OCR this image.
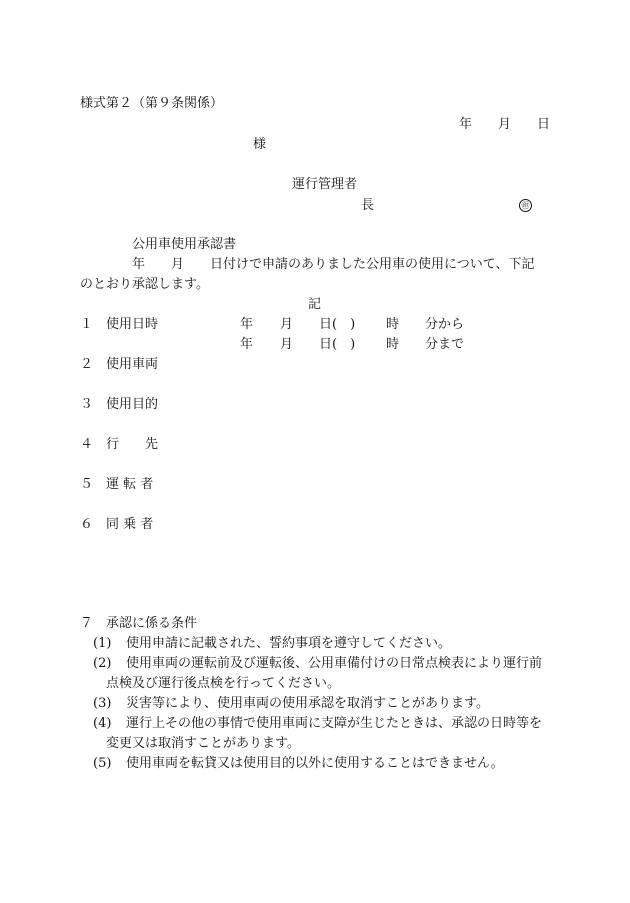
様式第２（第９条関係）
年　　月　　日
様
運行管理者
長	㊞
公用車使用承認書
年　　月　　日付けで申請のありました公用車の使用について、下記
のとおり承認します。
記
１ 使用日時	年 月 日(　) 時 分から
年 月 日(　) 時 分まで
２ 使用車両
３ 使用目的
４ 行　　先
５ 運 転 者
６ 同 乗 者
７ 承認に係る条件
(1) 使用申請に記載された、誓約事項を遵守してください。
(2) 使用車両の運転前及び運転後、公用車備付けの日常点検表により運行前
点検及び運行後点検を行ってください。
(3) 災害等により、使用車両の使用承認を取消すことがあります。
(4) 運行上その他の事情で使用車両に支障が生じたときは、承認の日時等を
変更又は取消すことがあります。
(5) 使用車両を転貸又は使用目的以外に使用することはできません。
